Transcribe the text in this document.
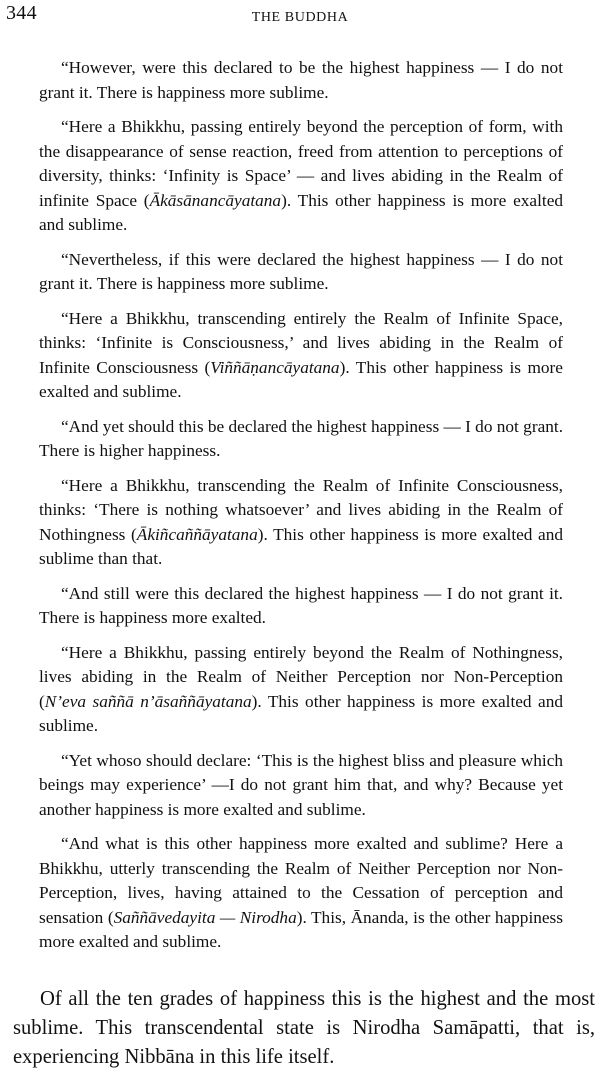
344	THE BUDDHA

“However, were this declared to be the highest happiness — I do not grant it. There is happiness more sublime.

“Here a Bhikkhu, passing entirely beyond the perception of form, with the disappearance of sense reaction, freed from attention to perceptions of diversity, thinks: ‘Infinity is Space’ — and lives abiding in the Realm of infinite Space (Ākāsānancāyatana). This other happiness is more exalted and sublime.

“Nevertheless, if this were declared the highest happiness — I do not grant it. There is happiness more sublime.

“Here a Bhikkhu, transcending entirely the Realm of Infinite Space, thinks: ‘Infinite is Consciousness,’ and lives abiding in the Realm of Infinite Consciousness (Viññāṇancāyatana). This other happiness is more exalted and sublime.

“And yet should this be declared the highest happiness — I do not grant. There is higher happiness.

“Here a Bhikkhu, transcending the Realm of Infinite Consciousness, thinks: ‘There is nothing whatsoever’ and lives abiding in the Realm of Nothingness (Ākiñcaññāyatana). This other happiness is more exalted and sublime than that.

“And still were this declared the highest happiness — I do not grant it. There is happiness more exalted.

“Here a Bhikkhu, passing entirely beyond the Realm of Nothingness, lives abiding in the Realm of Neither Perception nor Non-Perception (N’eva saññā n’āsaññāyatana). This other happiness is more exalted and sublime.

“Yet whoso should declare: ‘This is the highest bliss and pleasure which beings may experience’ —I do not grant him that, and why? Because yet another happiness is more exalted and sublime.

“And what is this other happiness more exalted and sublime? Here a Bhikkhu, utterly transcending the Realm of Neither Perception nor Non-Perception, lives, having attained to the Cessation of perception and sensation (Saññāvedayita — Nirodha). This, Ānanda, is the other happiness more exalted and sublime.

Of all the ten grades of happiness this is the highest and the most sublime. This transcendental state is Nirodha Samāpatti, that is, experiencing Nibbāna in this life itself.
